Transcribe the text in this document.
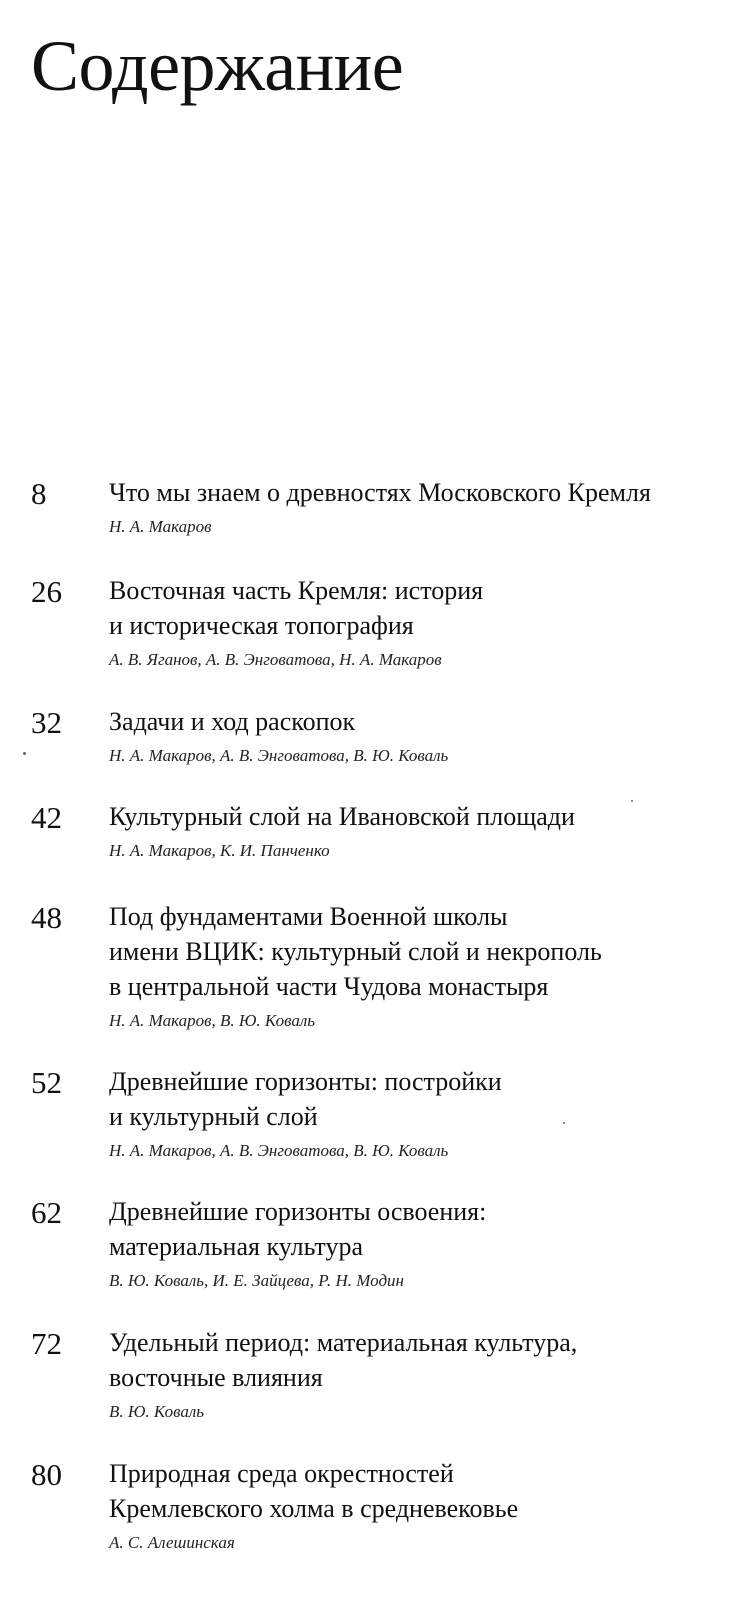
Содержание
8 Что мы знаем о древностях Московского Кремля
Н. А. Макаров
26 Восточная часть Кремля: история
и историческая топография
А. В. Яганов, А. В. Энговатова, Н. А. Макаров
32 Задачи и ход раскопок
Н. А. Макаров, А. В. Энговатова, В. Ю. Коваль
42 Культурный слой на Ивановской площади
Н. А. Макаров, К. И. Панченко
48 Под фундаментами Военной школы
имени ВЦИК: культурный слой и некрополь
в центральной части Чудова монастыря
Н. А. Макаров, В. Ю. Коваль
52 Древнейшие горизонты: постройки
и культурный слой
Н. А. Макаров, А. В. Энговатова, В. Ю. Коваль
62 Древнейшие горизонты освоения:
материальная культура
В. Ю. Коваль, И. Е. Зайцева, Р. Н. Модин
72 Удельный период: материальная культура,
восточные влияния
В. Ю. Коваль
80 Природная среда окрестностей
Кремлевского холма в средневековье
А. С. Алешинская
